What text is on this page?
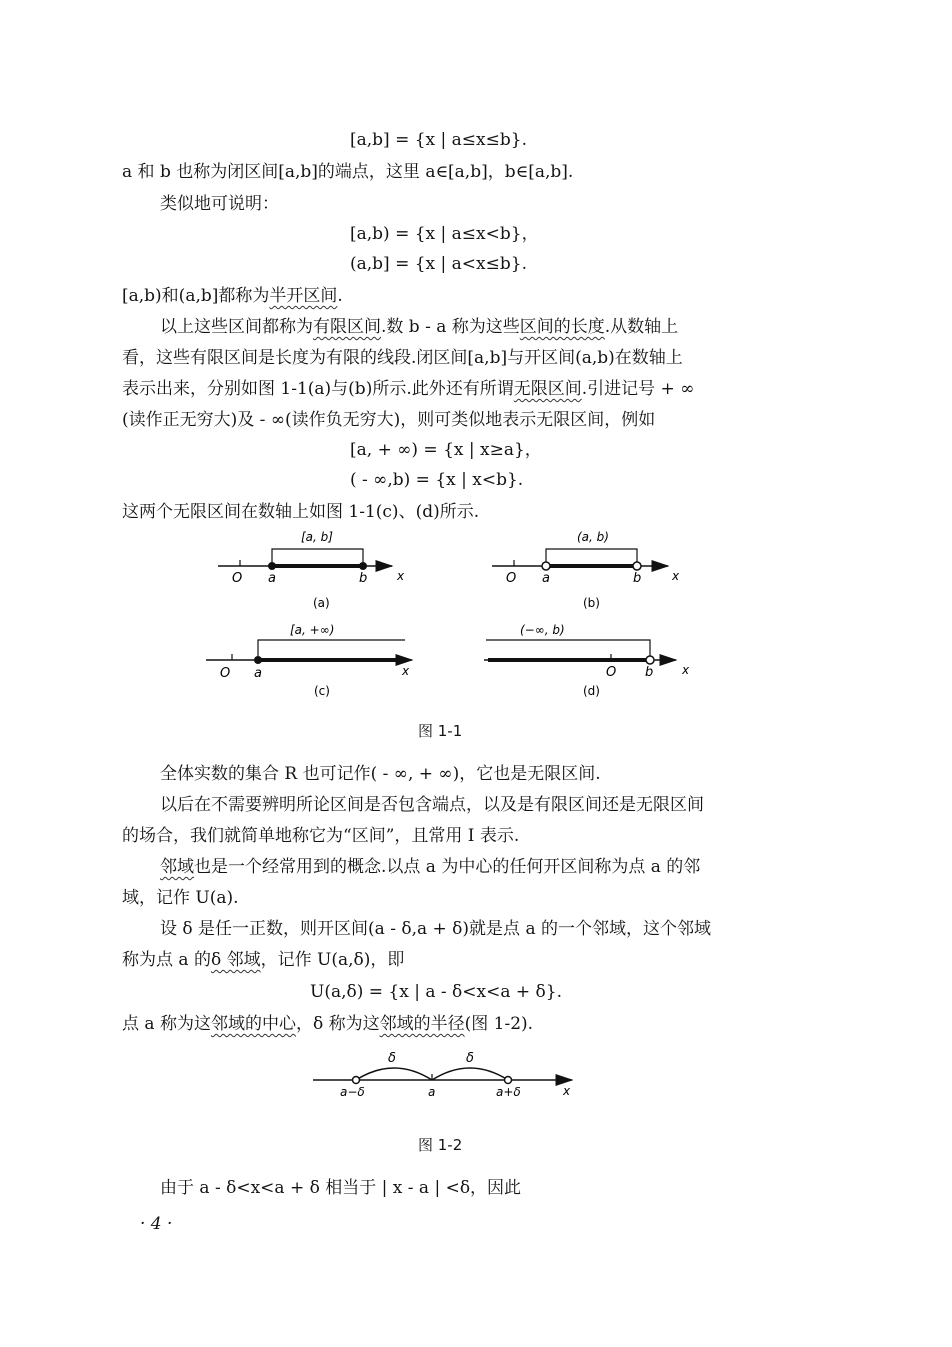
[a,b] = {x | a≤x≤b}.
a 和 b 也称为闭区间[a,b]的端点，这里 a∈[a,b]，b∈[a,b].
类似地可说明：
[a,b) = {x | a≤x<b}，
(a,b] = {x | a<x≤b}.
[a,b)和(a,b]都称为半开区间.
以上这些区间都称为有限区间.数 b - a 称为这些区间的长度.从数轴上
看，这些有限区间是长度为有限的线段.闭区间[a,b]与开区间(a,b)在数轴上
表示出来，分别如图 1-1(a)与(b)所示.此外还有所谓无限区间.引进记号 + ∞
(读作正无穷大)及 - ∞(读作负无穷大)，则可类似地表示无限区间，例如
[a, + ∞) = {x | x≥a}，
( - ∞,b) = {x | x<b}.
这两个无限区间在数轴上如图 1-1(c)、(d)所示.
[a, b]
O a	b x
(a)
(a, b)
O a	b	x
(b)
[a, +∞)
O a	x
(c)
(−∞, b)
O b x
(d)
δ	δ
a−δ	a	a+δ	x
图 1-1
全体实数的集合 R 也可记作( - ∞, + ∞)，它也是无限区间.
以后在不需要辨明所论区间是否包含端点，以及是有限区间还是无限区间
的场合，我们就简单地称它为“区间”，且常用 I 表示.
邻域也是一个经常用到的概念.以点 a 为中心的任何开区间称为点 a 的邻
域，记作 U(a).
设 δ 是任一正数，则开区间(a - δ,a + δ)就是点 a 的一个邻域，这个邻域
称为点 a 的δ 邻域，记作 U(a,δ)，即
U(a,δ) = {x | a - δ<x<a + δ}.
点 a 称为这邻域的中心，δ 称为这邻域的半径(图 1-2).
图 1-2
由于 a - δ<x<a + δ 相当于 | x - a | <δ，因此
· 4 ·
